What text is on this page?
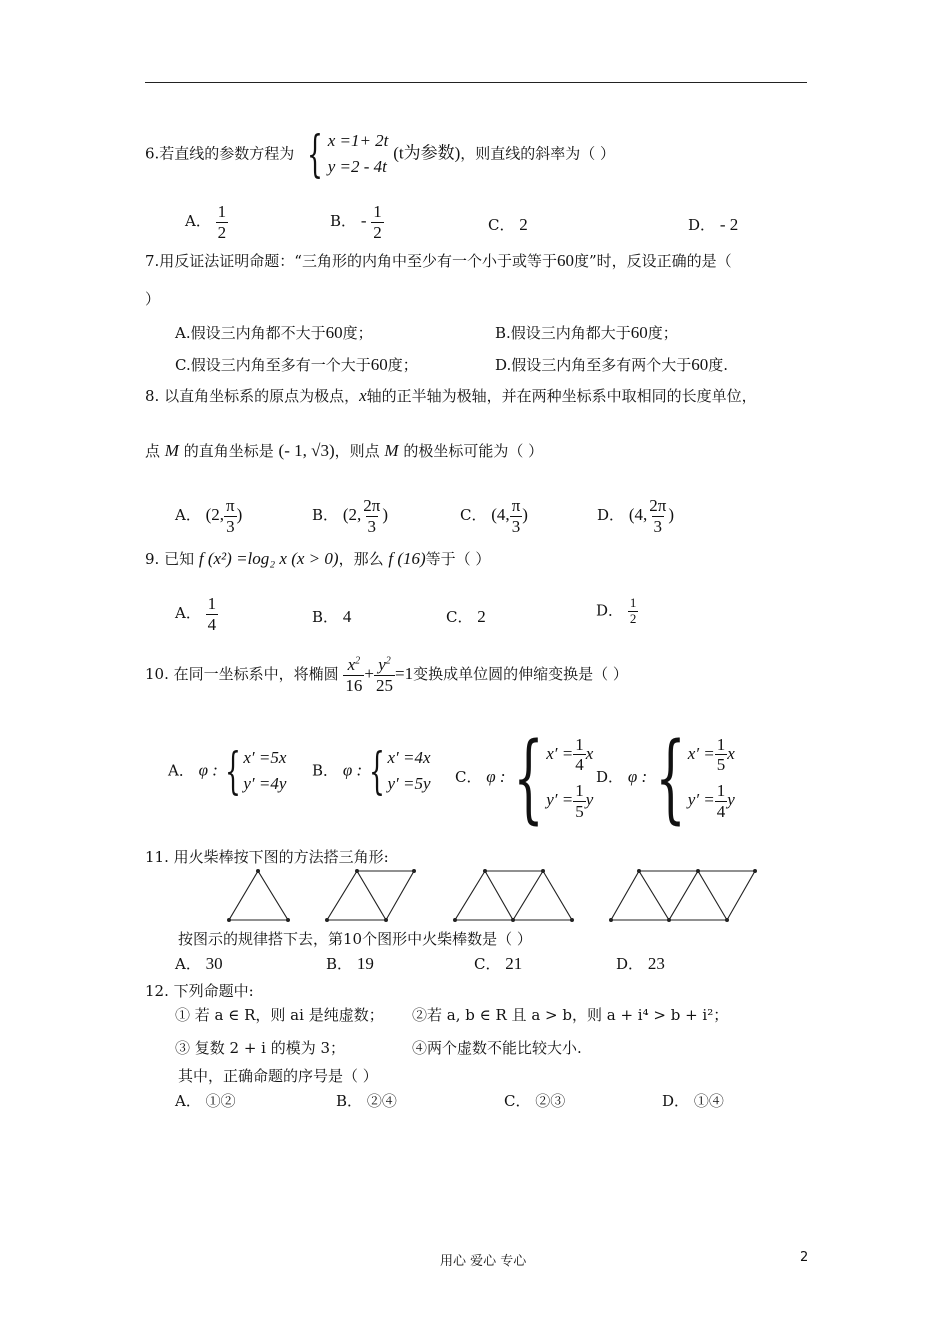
6.若直线的参数方程为 { x =1+ 2t
y =2 - 4t
(t为参数)，则直线的斜率为（ ）
A． $\frac{1}{2}$	B． - $\frac{1}{2}$	C． 2	D． - 2
7.用反证法证明命题：“三角形的内角中至少有一个小于或等于60度”时，反设正确的是（
）
A.假设三内角都不大于60度；	B.假设三内角都大于60度；
C.假设三内角至多有一个大于60度；	D.假设三内角至多有两个大于60度.
8. 以直角坐标系的原点为极点，x轴的正半轴为极轴，并在两种坐标系中取相同的长度单位，
点 M 的直角坐标是 (- 1, √3)，则点 M 的极坐标可能为（ ）
A． (2, $\frac{\pi}{3}$ )	B． (2, $\frac{2\pi}{3}$ )	C． (4, $\frac{\pi}{3}$ )	D． (4, $\frac{2\pi}{3}$ )
9. 已知 f (x²) =log₂ x (x > 0)，那么 f (16)等于（ ）
A． $\frac{1}{4}$	B． 4	C． 2	D． $\frac{1}{2}$
10. 在同一坐标系中，将椭圆 $\frac{x^2}{16} + \frac{y^2}{25} =1$变换成单位圆的伸缩变换是（ ）
A． φ : { x′ =5x
y′ =4y
B． φ : { x′ =4x
y′ =5y C． φ : { $x' = \frac{1}{4}$ x
$y' = \frac{1}{5}$ y
D． φ : { $x' = \frac{1}{5}$ x
$y' = \frac{1}{4}$ y
11. 用火柴棒按下图的方法搭三角形:
按图示的规律搭下去，第10个图形中火柴棒数是（ ）
A． 30	B． 19	C． 21	D． 23
12. 下列命题中:
① 若 a ∈ R，则 ai 是纯虚数； ②若 a, b ∈ R 且 a > b，则 a + i⁴ > b + i²；
③ 复数 2 + i 的模为 3；	④两个虚数不能比较大小.
其中，正确命题的序号是（ ）
A． ①②	B． ②④	C． ②③	D． ①④
用心 爱心 专心	2
